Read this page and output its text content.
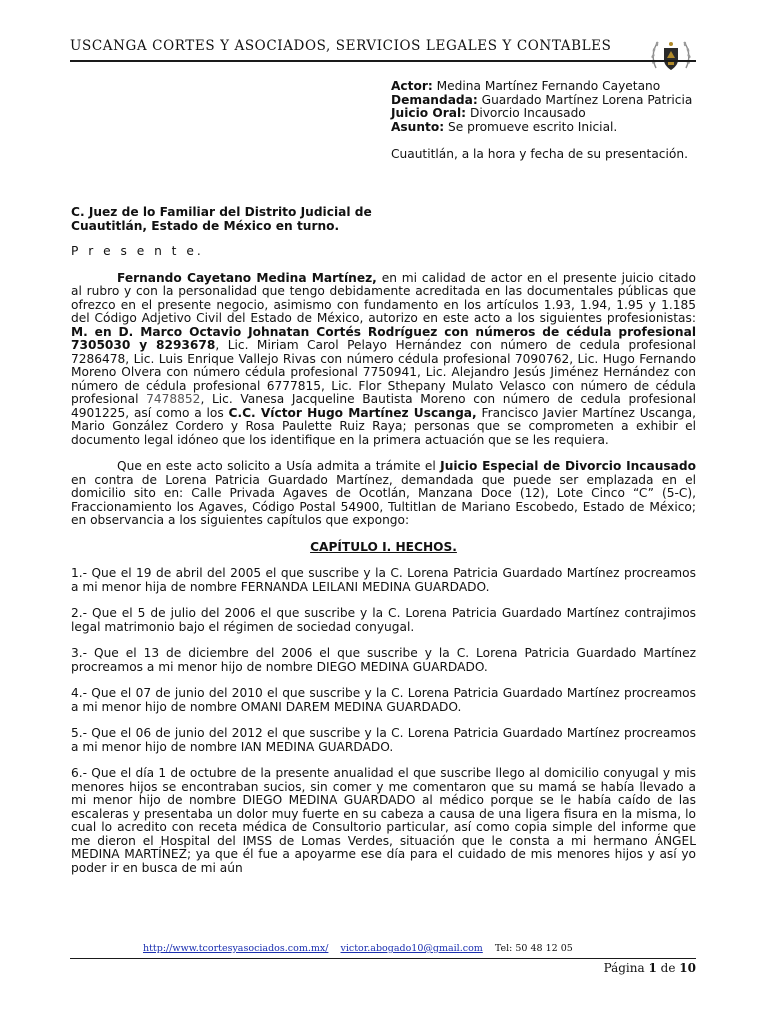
USCANGA CORTES Y ASOCIADOS, SERVICIOS LEGALES Y CONTABLES

Actor: Medina Martínez Fernando Cayetano

Demandada: Guardado Martínez Lorena Patricia

Juicio Oral: Divorcio Incausado

Asunto: Se promueve escrito Inicial.

Cuautitlán, a la hora y fecha de su presentación.

C. Juez de lo Familiar del Distrito Judicial de Cuautitlán, Estado de México en turno.

P r e s e n t e.

Fernando Cayetano Medina Martínez, en mi calidad de actor en el presente juicio citado al rubro y con la personalidad que tengo debidamente acreditada en las documentales públicas que ofrezco en el presente negocio, asimismo con fundamento en los artículos 1.93, 1.94, 1.95 y 1.185 del Código Adjetivo Civil del Estado de México, autorizo en este acto a los siguientes profesionistas: M. en D. Marco Octavio Johnatan Cortés Rodríguez con números de cédula profesional 7305030 y 8293678, Lic. Miriam Carol Pelayo Hernández con número de cedula profesional 7286478, Lic. Luis Enrique Vallejo Rivas con número cédula profesional 7090762, Lic. Hugo Fernando Moreno Olvera con número cédula profesional 7750941, Lic. Alejandro Jesús Jiménez Hernández con número de cédula profesional 6777815, Lic. Flor Sthepany Mulato Velasco con número de cédula profesional 7478852, Lic. Vanesa Jacqueline Bautista Moreno con número de cedula profesional 4901225, así como a los C.C. Víctor Hugo Martínez Uscanga, Francisco Javier Martínez Uscanga, Mario González Cordero y Rosa Paulette Ruiz Raya; personas que se comprometen a exhibir el documento legal idóneo que los identifique en la primera actuación que se les requiera.

Que en este acto solicito a Usía admita a trámite el Juicio Especial de Divorcio Incausado en contra de Lorena Patricia Guardado Martínez, demandada que puede ser emplazada en el domicilio sito en: Calle Privada Agaves de Ocotlán, Manzana Doce (12), Lote Cinco “C” (5-C), Fraccionamiento los Agaves, Código Postal 54900, Tultitlan de Mariano Escobedo, Estado de México; en observancia a los siguientes capítulos que expongo:

CAPÍTULO I. HECHOS.

1.- Que el 19 de abril del 2005 el que suscribe y la C. Lorena Patricia Guardado Martínez procreamos a mi menor hija de nombre FERNANDA LEILANI MEDINA GUARDADO.

2.- Que el 5 de julio del 2006 el que suscribe y la C. Lorena Patricia Guardado Martínez contrajimos legal matrimonio bajo el régimen de sociedad conyugal.

3.- Que el 13 de diciembre del 2006 el que suscribe y la C. Lorena Patricia Guardado Martínez procreamos a mi menor hijo de nombre DIEGO MEDINA GUARDADO.

4.- Que el 07 de junio del 2010 el que suscribe y la C. Lorena Patricia Guardado Martínez procreamos a mi menor hijo de nombre OMANI DAREM MEDINA GUARDADO.

5.- Que el 06 de junio del 2012 el que suscribe y la C. Lorena Patricia Guardado Martínez procreamos a mi menor hijo de nombre IAN MEDINA GUARDADO.

6.- Que el día 1 de octubre de la presente anualidad el que suscribe llego al domicilio conyugal y mis menores hijos se encontraban sucios, sin comer y me comentaron que su mamá se había llevado a mi menor hijo de nombre DIEGO MEDINA GUARDADO al médico porque se le había caído de las escaleras y presentaba un dolor muy fuerte en su cabeza a causa de una ligera fisura en la misma, lo cual lo acredito con receta médica de Consultorio particular, así como copia simple del informe que me dieron el Hospital del IMSS de Lomas Verdes, situación que le consta a mi hermano ÁNGEL MEDINA MARTÍNEZ; ya que él fue a apoyarme ese día para el cuidado de mis menores hijos y así yo poder ir en busca de mi aún

http://www.tcortesyasociados.com.mx/ victor.abogado10@gmail.com Tel: 50 48 12 05
Página 1 de 10
